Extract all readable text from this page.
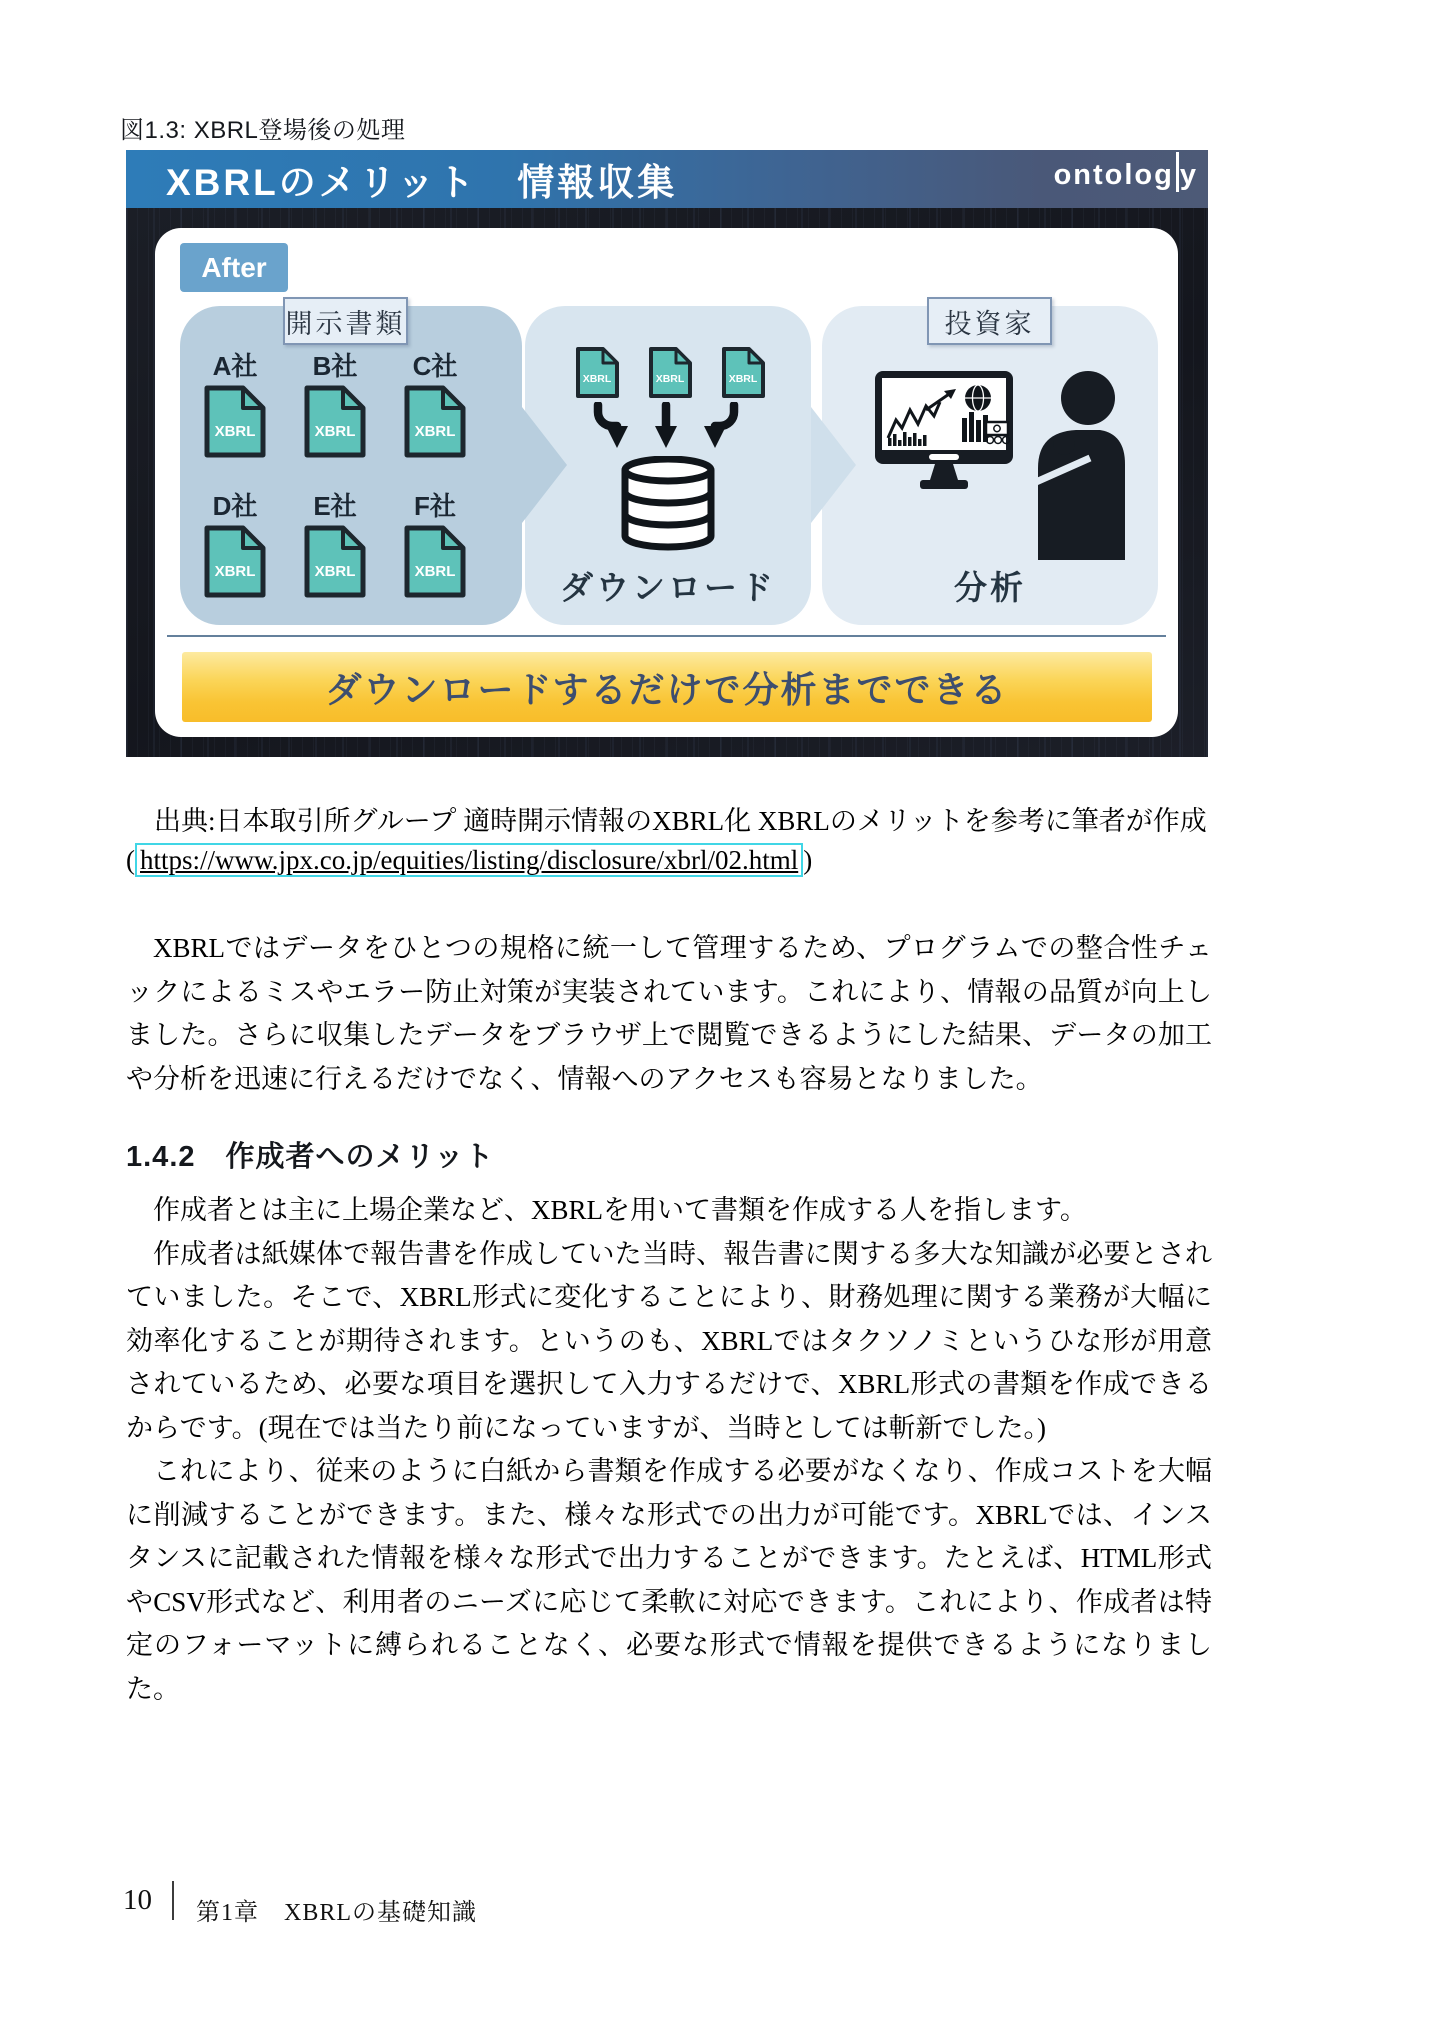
図1.3: XBRL登場後の処理
XBRLのメリット　情報収集	ontolog y
After
A社
XBRL
B社
XBRL
C社
XBRL
D社
XBRL
E社
XBRL
F社
XBRL
開示書類
XBRL	XBRL	XBRL
ダウンロード	分析
投資家
ダウンロードするだけで分析までできる
出典:日本取引所グループ 適時開示情報のXBRL化 XBRLのメリットを参考に筆者が作成
( https://www.jpx.co.jp/equities/listing/disclosure/xbrl/02.html )

XBRLではデータをひとつの規格に統一して管理するため、プログラムでの整合性チェックによるミスやエラー防止対策が実装されています。これにより、情報の品質が向上しました。さらに収集したデータをブラウザ上で閲覧できるようにした結果、データの加工や分析を迅速に行えるだけでなく、情報へのアクセスも容易となりました。

1.4.2 作成者へのメリット

作成者とは主に上場企業など、XBRLを用いて書類を作成する人を指します。

作成者は紙媒体で報告書を作成していた当時、報告書に関する多大な知識が必要とされていました。そこで、XBRL形式に変化することにより、財務処理に関する業務が大幅に効率化することが期待されます。というのも、XBRLではタクソノミというひな形が用意されているため、必要な項目を選択して入力するだけで、XBRL形式の書類を作成できるからです。(現在では当たり前になっていますが、当時としては斬新でした。)

これにより、従来のように白紙から書類を作成する必要がなくなり、作成コストを大幅に削減することができます。また、様々な形式での出力が可能です。XBRLでは、インスタンスに記載された情報を様々な形式で出力することができます。たとえば、HTML形式やCSV形式など、利用者のニーズに応じて柔軟に対応できます。これにより、作成者は特定のフォーマットに縛られることなく、必要な形式で情報を提供できるようになりました。

10 第1章　XBRLの基礎知識
